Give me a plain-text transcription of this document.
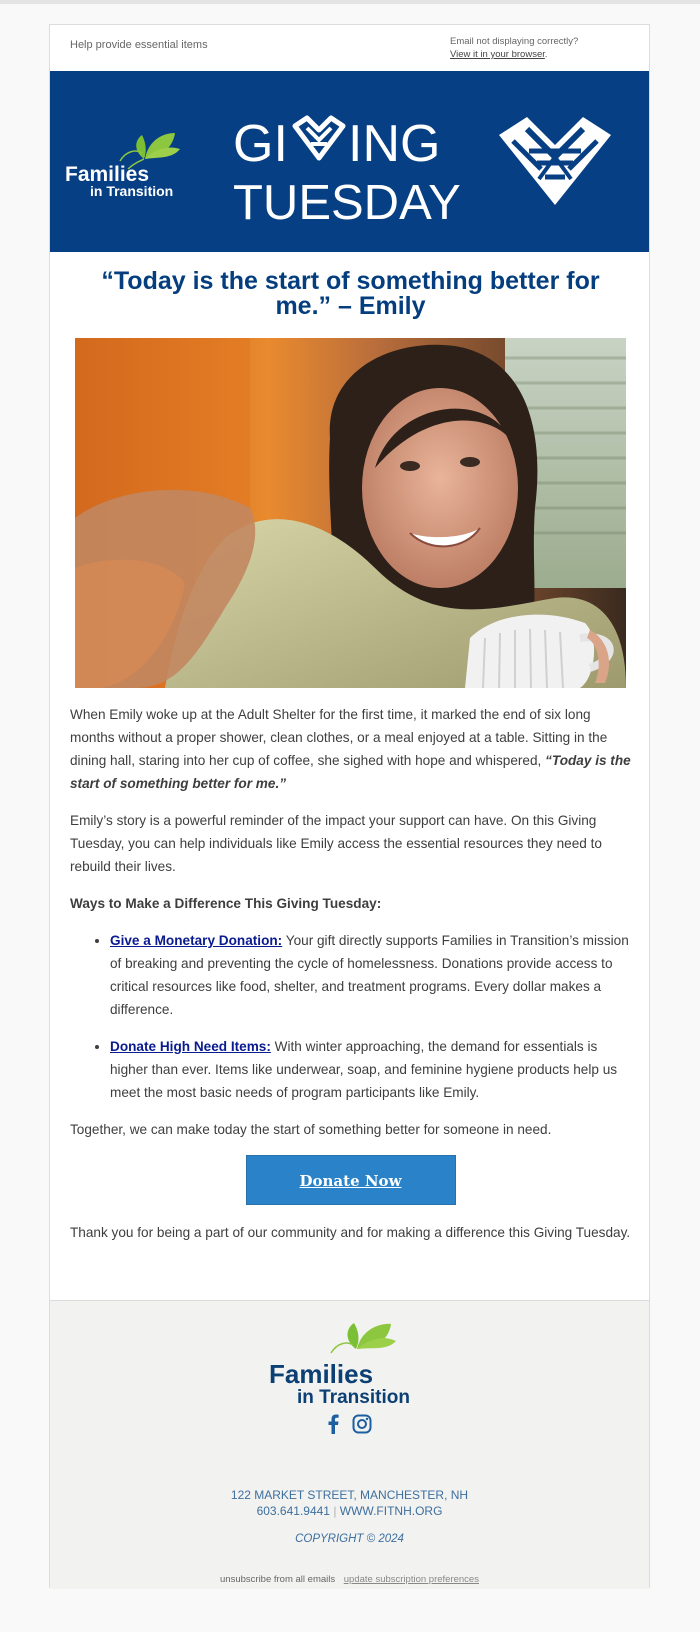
Help provide essential items	Email not displaying correctly?
View it in your browser.
Families
in Transition
GI ING
TUESDAY
“Today is the start of something better for me.” – Emily

When Emily woke up at the Adult Shelter for the first time, it marked the end of six long months without a proper shower, clean clothes, or a meal enjoyed at a table. Sitting in the dining hall, staring into her cup of coffee, she sighed with hope and whispered, “Today is the start of something better for me.”

Emily’s story is a powerful reminder of the impact your support can have. On this Giving Tuesday, you can help individuals like Emily access the essential resources they need to rebuild their lives.

Ways to Make a Difference This Giving Tuesday:

• Give a Monetary Donation: Your gift directly supports Families in Transition’s mission of breaking and preventing the cycle of homelessness. Donations provide access to critical resources like food, shelter, and treatment programs. Every dollar makes a difference.
• Donate High Need Items: With winter approaching, the demand for essentials is higher than ever. Items like underwear, soap, and feminine hygiene products help us meet the most basic needs of program participants like Emily.

Together, we can make today the start of something better for someone in need.

Donate Now

Thank you for being a part of our community and for making a difference this Giving Tuesday.

Families
in Transition

122 MARKET STREET, MANCHESTER, NH
603.641.9441 | WWW.FITNH.ORG
COPYRIGHT © 2024
unsubscribe from all emails update subscription preferences
